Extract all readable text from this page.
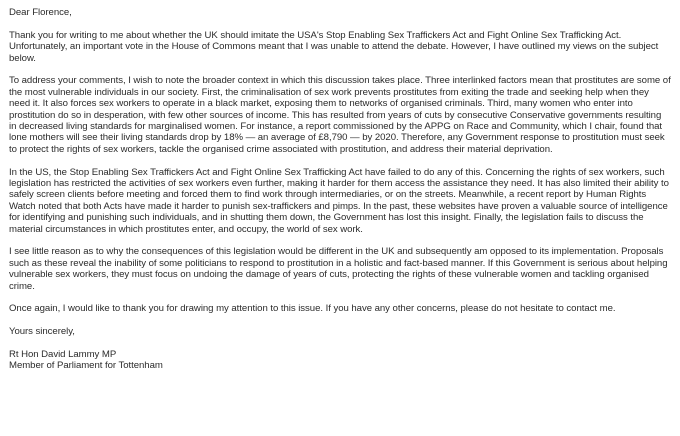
Dear Florence,

Thank you for writing to me about whether the UK should imitate the USA's Stop Enabling Sex Traffickers Act and Fight Online Sex Trafficking Act. Unfortunately, an important vote in the House of Commons meant that I was unable to attend the debate. However, I have outlined my views on the subject below.

To address your comments, I wish to note the broader context in which this discussion takes place. Three interlinked factors mean that prostitutes are some of the most vulnerable individuals in our society. First, the criminalisation of sex work prevents prostitutes from exiting the trade and seeking help when they need it. It also forces sex workers to operate in a black market, exposing them to networks of organised criminals. Third, many women who enter into prostitution do so in desperation, with few other sources of income. This has resulted from years of cuts by consecutive Conservative governments resulting in decreased living standards for marginalised women. For instance, a report commissioned by the APPG on Race and Community, which I chair, found that lone mothers will see their living standards drop by 18% — an average of £8,790 — by 2020. Therefore, any Government response to prostitution must seek to protect the rights of sex workers, tackle the organised crime associated with prostitution, and address their material deprivation.

In the US, the Stop Enabling Sex Traffickers Act and Fight Online Sex Trafficking Act have failed to do any of this. Concerning the rights of sex workers, such legislation has restricted the activities of sex workers even further, making it harder for them access the assistance they need. It has also limited their ability to safely screen clients before meeting and forced them to find work through intermediaries, or on the streets. Meanwhile, a recent report by Human Rights Watch noted that both Acts have made it harder to punish sex-traffickers and pimps. In the past, these websites have proven a valuable source of intelligence for identifying and punishing such individuals, and in shutting them down, the Government has lost this insight. Finally, the legislation fails to discuss the material circumstances in which prostitutes enter, and occupy, the world of sex work.

I see little reason as to why the consequences of this legislation would be different in the UK and subsequently am opposed to its implementation. Proposals such as these reveal the inability of some politicians to respond to prostitution in a holistic and fact-based manner. If this Government is serious about helping vulnerable sex workers, they must focus on undoing the damage of years of cuts, protecting the rights of these vulnerable women and tackling organised crime.

Once again, I would like to thank you for drawing my attention to this issue. If you have any other concerns, please do not hesitate to contact me.

Yours sincerely,

Rt Hon David Lammy MP

Member of Parliament for Tottenham
